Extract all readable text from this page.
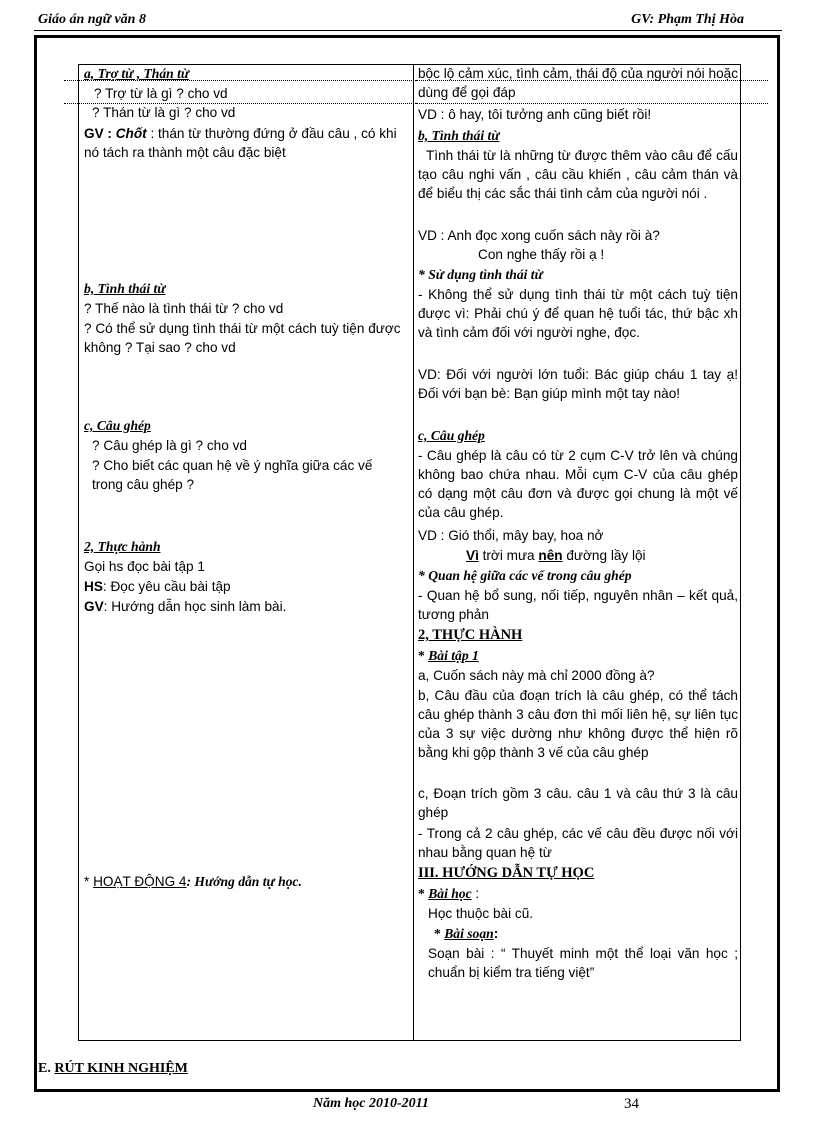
Giáo án ngữ văn 8	GV: Phạm Thị Hòa
a, Trợ từ , Thán từ
? Trợ từ là gì ? cho vd
? Thán từ là gì ? cho vd
GV : Chốt : thán từ thường đứng ở đầu câu , có khi nó tách ra thành một câu đặc biệt
b, Tình thái từ
? Thế nào là tình thái từ ? cho vd
? Có thể sử dụng tình thái từ một cách tuỳ tiện được không ? Tại sao ? cho vd
c, Câu ghép
? Câu ghép là gì ? cho vd
? Cho biết các quan hệ về ý nghĩa giữa các vế trong câu ghép ?
2, Thực hành
Gọi hs đọc bài tập 1
HS: Đọc yêu cầu bài tập
GV: Hướng dẫn học sinh làm bài.
* HOẠT ĐỘNG 4: Hướng dẫn tự học.
bộc lộ cảm xúc, tình cảm, thái độ của người nói hoặc dùng để gọi đáp
VD : ô hay, tôi tưởng anh cũng biết rồi!
b, Tình thái từ
Tình thái từ là những từ được thêm vào câu để cấu tạo câu nghi vấn , câu cầu khiến , câu cảm thán và để biểu thị các sắc thái tình cảm của người nói .
VD : Anh đọc xong cuốn sách này rồi à?
Con nghe thấy rồi ạ !
* Sử dụng tình thái từ
- Không thể sử dụng tình thái từ một cách tuỳ tiện được vì: Phải chú ý để quan hệ tuổi tác, thứ bậc xh và tình cảm đối với người nghe, đọc.
VD: Đối với người lớn tuổi: Bác giúp cháu 1 tay ạ! Đối với bạn bè: Bạn giúp mình một tay nào!
c, Câu ghép
- Câu ghép là câu có từ 2 cụm C-V trở lên và chúng không bao chứa nhau. Mỗi cụm C-V của câu ghép có dạng một câu đơn và được gọi chung là một vế của câu ghép.
VD : Gió thổi, mây bay, hoa nở
Vì trời mưa nên đường lầy lội
* Quan hệ giữa các vế trong câu ghép
- Quan hệ bổ sung, nối tiếp, nguyên nhân – kết quả, tương phản
2, THỰC HÀNH
* Bài tập 1
a, Cuốn sách này mà chỉ 2000 đồng à?
b, Câu đầu của đoạn trích là câu ghép, có thể tách câu ghép thành 3 câu đơn thì mối liên hệ, sự liên tục của 3 sự việc dường như không được thể hiện rõ bằng khi gộp thành 3 vế của câu ghép
c, Đoạn trích gồm 3 câu. câu 1 và câu thứ 3 là câu ghép
- Trong cả 2 câu ghép, các vế câu đều được nối với nhau bằng quan hệ từ
III. HƯỚNG DẪN TỰ HỌC
* Bài học :
Học thuộc bài cũ.
* Bài soạn:
Soạn bài : “ Thuyết minh một thể loại văn học ; chuẩn bị kiểm tra tiếng việt”
E. RÚT KINH NGHIỆM
Năm học 2010-2011	34
